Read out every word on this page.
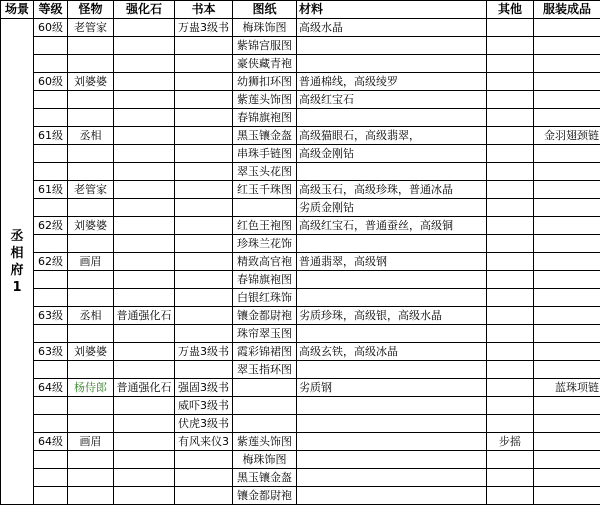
场景	等级	怪物	强化石	书本	图纸	材料	其他	服装成品

丞
相
府
1	60级	老管家		万蛊3级书	梅珠饰图	高级水晶		
					紫锦宫服图			
					豪侠藏青袍			
	60级	刘婆婆			幼狮扣环图	普通棉线，高级绫罗		
					紫莲头饰图	高级红宝石		
					春锦旗袍图			
	61级	丞相			黑玉镶金盔	高级猫眼石，高级翡翠，		金羽翅颈链
					串珠手链图	高级金刚钻		
					翠玉头花图			
	61级	老管家			红玉千珠图	高级玉石，高级珍珠，普通冰晶		
						劣质金刚钻		
	62级	刘婆婆			红色王袍图	高级红宝石，普通蚕丝，高级铜		
					珍珠兰花饰			
	62级	画眉			精致高官袍	普通翡翠，高级钢		
					春锦旗袍图			
					白银红珠饰			
	63级	丞相	普通强化石		镶金都尉袍	劣质珍珠，高级银，高级水晶		
					珠帘翠玉图			
	63级	刘婆婆		万蛊3级书	霞彩锦裙图	高级玄铁，高级冰晶		
					翠玉指环图			
	64级	杨侍郎	普通强化石	强固3级书		劣质钢		蓝珠项链
				威吓3级书				
				伏虎3级书				
	64级	画眉		有风来仪3	紫莲头饰图		步摇	
					梅珠饰图			
					黑玉镶金盔			
					镶金都尉袍			
